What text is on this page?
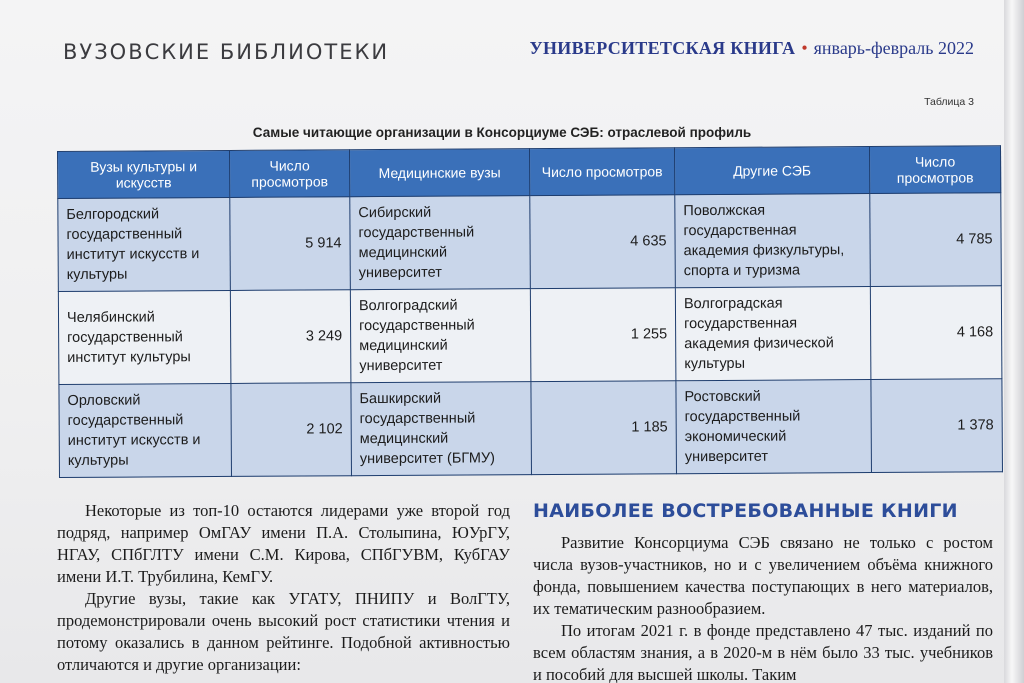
ВУЗОВСКИЕ БИБЛИОТЕКИ	УНИВЕРСИТЕТСКАЯ КНИГА • январь-февраль 2022
Таблица 3
Самые читающие организации в Консорциуме СЭБ: отраслевой профиль
Вузы культуры и искусств	Число просмотров	Медицинские вузы	Число просмотров	Другие СЭБ	Число просмотров
Белгородский государственный институт искусств и культуры	5 914	Сибирский государственный медицинский университет	4 635	Поволжская государственная академия физкультуры, спорта и туризма	4 785
Челябинский государственный институт культуры	3 249	Волгоградский государственный медицинский университет	1 255	Волгоградская государственная академия физической культуры	4 168
Орловский государственный институт искусств и культуры	2 102	Башкирский государственный медицинский университет (БГМУ)	1 185	Ростовский государственный экономический университет	1 378

Некоторые из топ-10 остаются лидерами уже второй год подряд, например ОмГАУ имени П.А. Столыпина, ЮУрГУ, НГАУ, СПбГЛТУ имени С.М. Кирова, СПбГУВМ, КубГАУ имени И.Т. Трубилина, КемГУ.

Другие вузы, такие как УГАТУ, ПНИПУ и ВолГТУ, продемонстрировали очень высокий рост статистики чтения и потому оказались в данном рейтинге. Подобной активностью отличаются и другие организации:

НАИБОЛЕЕ ВОСТРЕБОВАННЫЕ КНИГИ

Развитие Консорциума СЭБ связано не только с ростом числа вузов-участников, но и с увеличением объёма книжного фонда, повышением качества поступающих в него материалов, их тематическим разнообразием.

По итогам 2021 г. в фонде представлено 47 тыс. изданий по всем областям знания, а в 2020-м в нём было 33 тыс. учебников и пособий для высшей школы. Таким
